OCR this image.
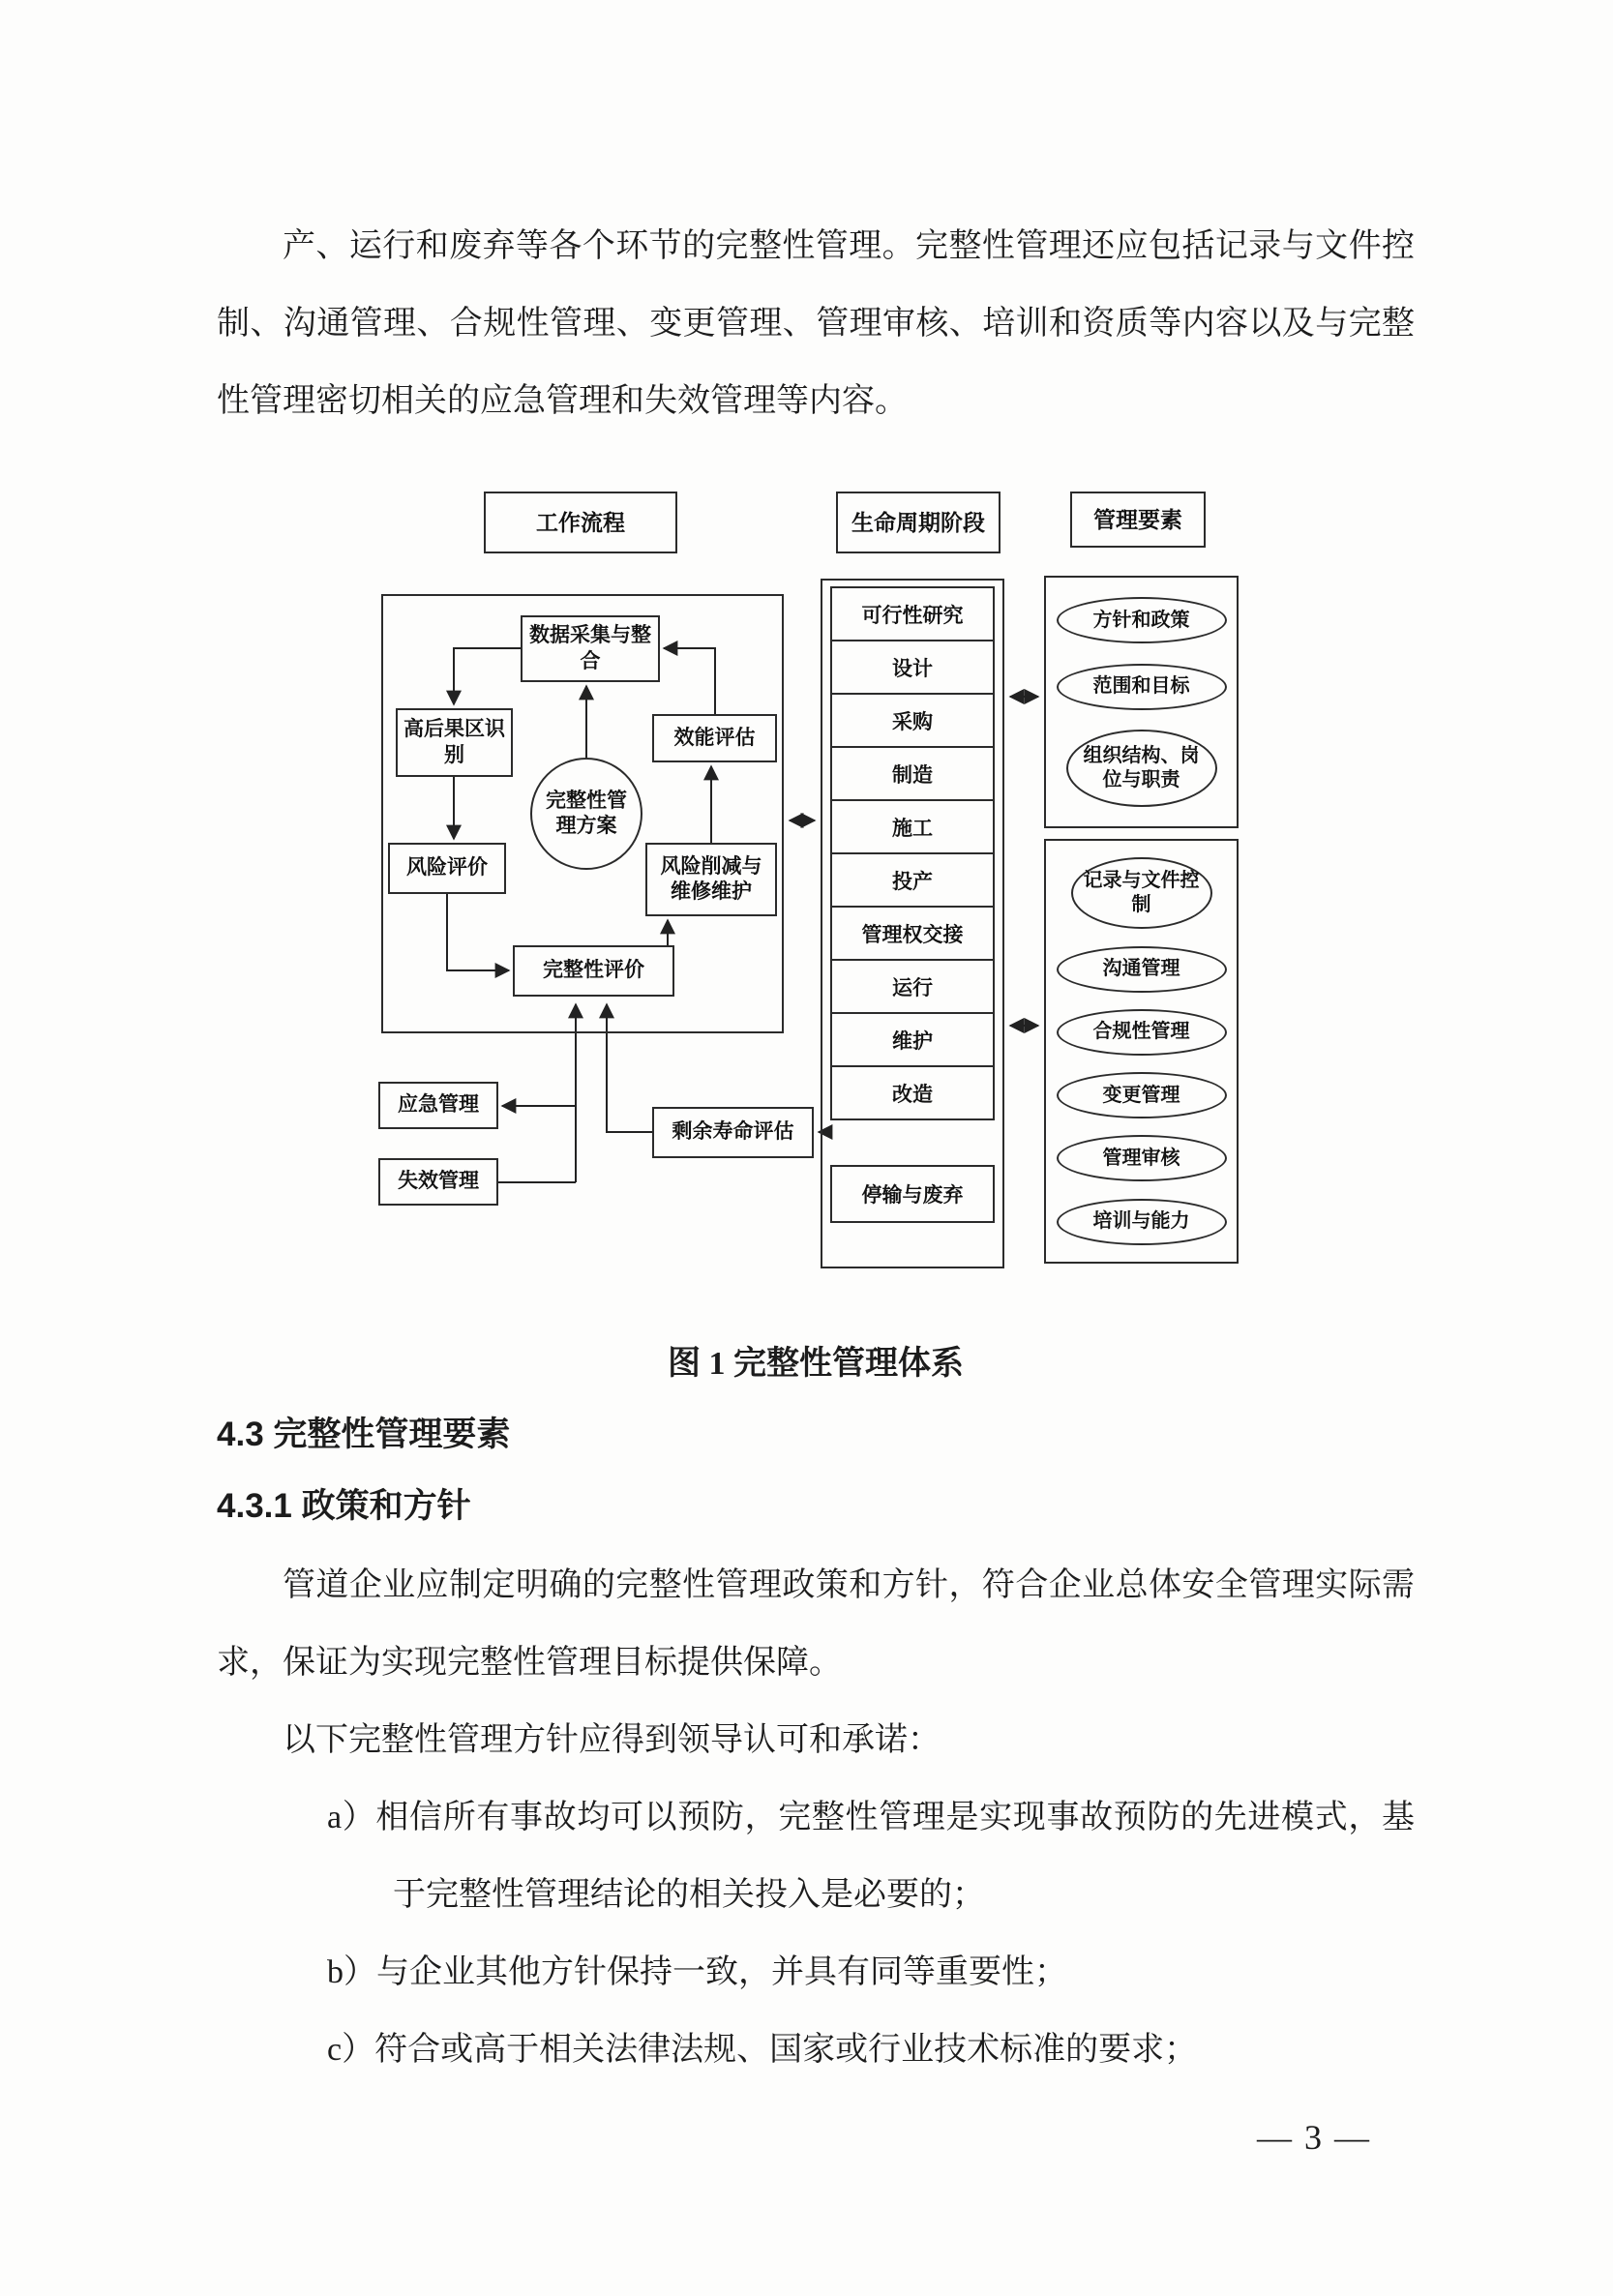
产、运行和废弃等各个环节的完整性管理。完整性管理还应包括记录与文件控制、沟通管理、合规性管理、变更管理、管理审核、培训和资质等内容以及与完整性管理密切相关的应急管理和失效管理等内容。

工作流程	生命周期阶段	管理要素
数据采集与整合
高后果区识别
效能评估
完整性管理方案
风险评价	风险削减与维修维护
完整性评价
应急管理
失效管理
剩余寿命评估
可行性研究
设计
采购
制造
施工
投产
管理权交接
运行
维护
改造
停输与废弃
方针和政策
范围和目标
组织结构、岗位与职责
记录与文件控制
沟通管理
合规性管理
变更管理
管理审核
培训与能力
图 1 完整性管理体系
4.3 完整性管理要素
4.3.1 政策和方针

管道企业应制定明确的完整性管理政策和方针，符合企业总体安全管理实际需求，保证为实现完整性管理目标提供保障。

以下完整性管理方针应得到领导认可和承诺：

a）相信所有事故均可以预防，完整性管理是实现事故预防的先进模式，基于完整性管理结论的相关投入是必要的；
b）与企业其他方针保持一致，并具有同等重要性；
c）符合或高于相关法律法规、国家或行业技术标准的要求；
— 3 —
